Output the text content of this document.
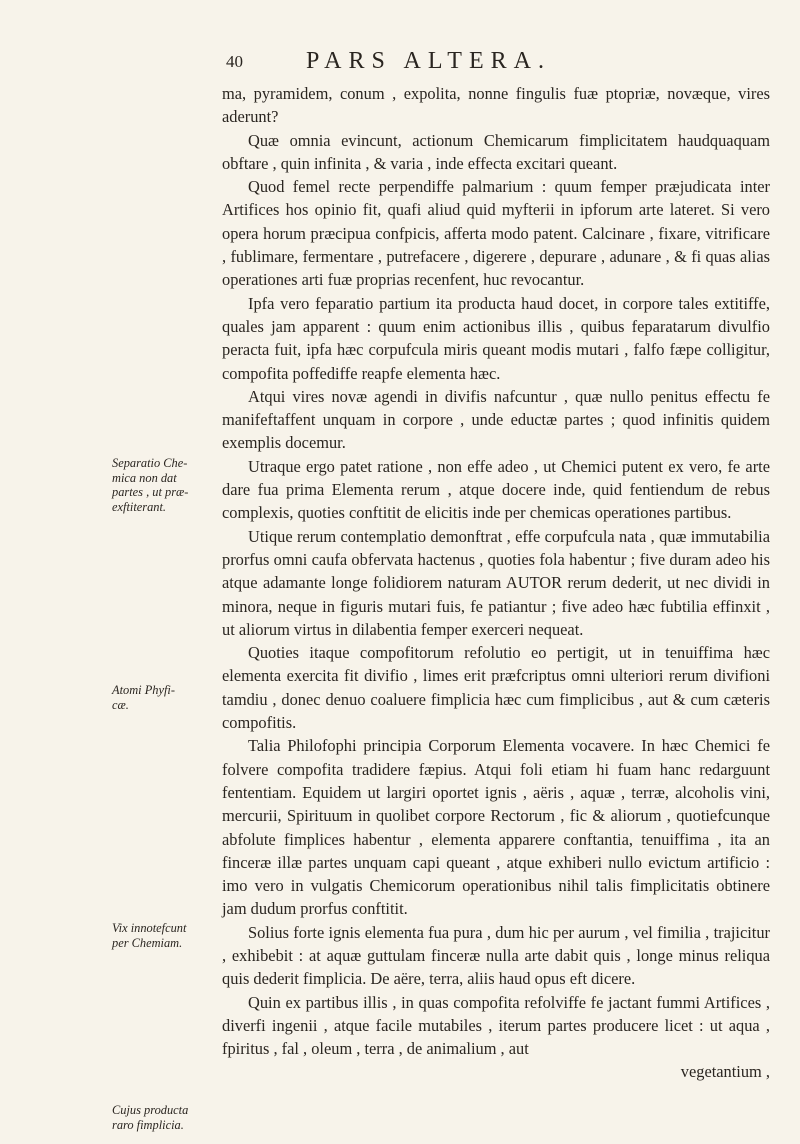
40	PARS ALTERA.
Separatio Che-
mica non dat
partes , ut præ-
exftiterant.
Atomi Phyfi-
cæ.
Vix innotefcunt
per Chemiam.
Cujus producta
raro fimplicia.

ma, pyramidem, conum , expolita, nonne fingulis fuæ ptopriæ, novæque, vires aderunt?

Quæ omnia evincunt, actionum Chemicarum fimplicitatem haudquaquam obftare , quin infinita , & varia , inde effecta excitari queant.

Quod femel recte perpendiffe palmarium : quum femper præjudicata inter Artifices hos opinio fit, quafi aliud quid myfterii in ipforum arte lateret. Si vero opera horum præcipua confpicis, afferta modo patent. Calcinare , fixare, vitrificare , fublimare, fermentare , putrefacere , digerere , depurare , adunare , & fi quas alias operationes arti fuæ proprias recenfent, huc revocantur.

Ipfa vero feparatio partium ita producta haud docet, in corpore tales extitiffe, quales jam apparent : quum enim actionibus illis , quibus feparatarum divulfio peracta fuit, ipfa hæc corpufcula miris queant modis mutari , falfo fæpe colligitur, compofita poffediffe reapfe elementa hæc.

Atqui vires novæ agendi in divifis nafcuntur , quæ nullo penitus effectu fe manifeftaffent unquam in corpore , unde eductæ partes ; quod infinitis quidem exemplis docemur.

Utraque ergo patet ratione , non effe adeo , ut Chemici putent ex vero, fe arte dare fua prima Elementa rerum , atque docere inde, quid fentiendum de rebus complexis, quoties conftitit de elicitis inde per chemicas operationes partibus.

Utique rerum contemplatio demonftrat , effe corpufcula nata , quæ immutabilia prorfus omni caufa obfervata hactenus , quoties fola habentur ; five duram adeo his atque adamante longe folidiorem naturam AUTOR rerum dederit, ut nec dividi in minora, neque in figuris mutari fuis, fe patiantur ; five adeo hæc fubtilia effinxit , ut aliorum virtus in dilabentia femper exerceri nequeat.

Quoties itaque compofitorum refolutio eo pertigit, ut in tenuiffima hæc elementa exercita fit divifio , limes erit præfcriptus omni ulteriori rerum divifioni tamdiu , donec denuo coaluere fimplicia hæc cum fimplicibus , aut & cum cæteris compofitis.

Talia Philofophi principia Corporum Elementa vocavere. In hæc Chemici fe folvere compofita tradidere fæpius. Atqui foli etiam hi fuam hanc redarguunt fententiam. Equidem ut largiri oportet ignis , aëris , aquæ , terræ, alcoholis vini, mercurii, Spirituum in quolibet corpore Rectorum , fic & aliorum , quotiefcunque abfolute fimplices habentur , elementa apparere conftantia, tenuiffima , ita an finceræ illæ partes unquam capi queant , atque exhiberi nullo evictum artificio : imo vero in vulgatis Chemicorum operationibus nihil talis fimplicitatis obtinere jam dudum prorfus conftitit.

Solius forte ignis elementa fua pura , dum hic per aurum , vel fimilia , trajicitur , exhibebit : at aquæ guttulam finceræ nulla arte dabit quis , longe minus reliqua quis dederit fimplicia. De aëre, terra, aliis haud opus eft dicere.

Quin ex partibus illis , in quas compofita refolviffe fe jactant fummi Artifices , diverfi ingenii , atque facile mutabiles , iterum partes producere licet : ut aqua , fpiritus , fal , oleum , terra , de animalium , aut

vegetantium ,
